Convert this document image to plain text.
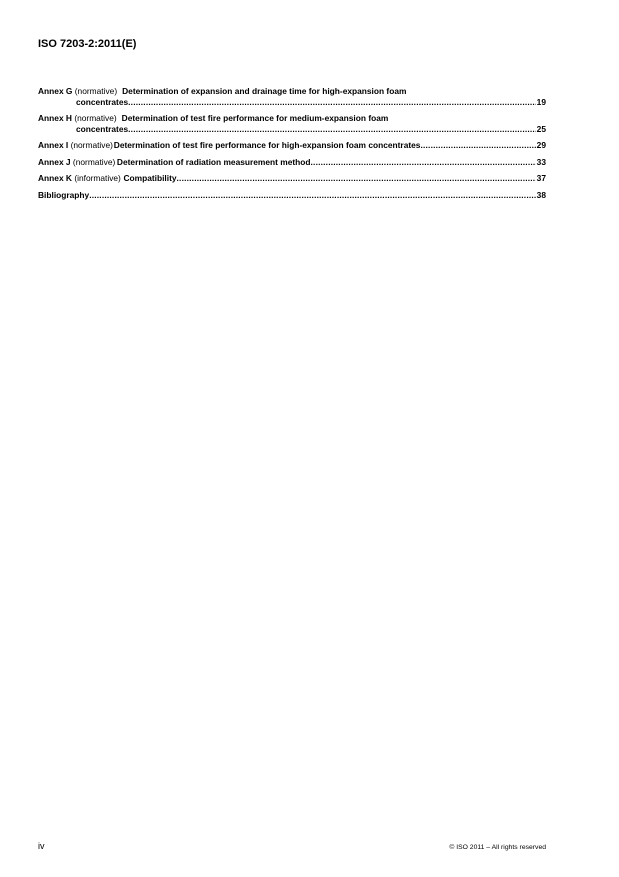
ISO 7203-2:2011(E)
Annex G
(normative) Determination of expansion and drainage time for high-expansion foam
concentrates .....	19
Annex H
(normative) Determination of test fire performance for medium-expansion foam
concentrates .....	25
Annex I
(normative) Determination of test fire performance for high-expansion foam concentrates .....	29
Annex J
(normative) Determination of radiation measurement method .....	33
Annex K
(informative) Compatibility .....	37
Bibliography .....	38
iv	© ISO 2011 – All rights reserved
